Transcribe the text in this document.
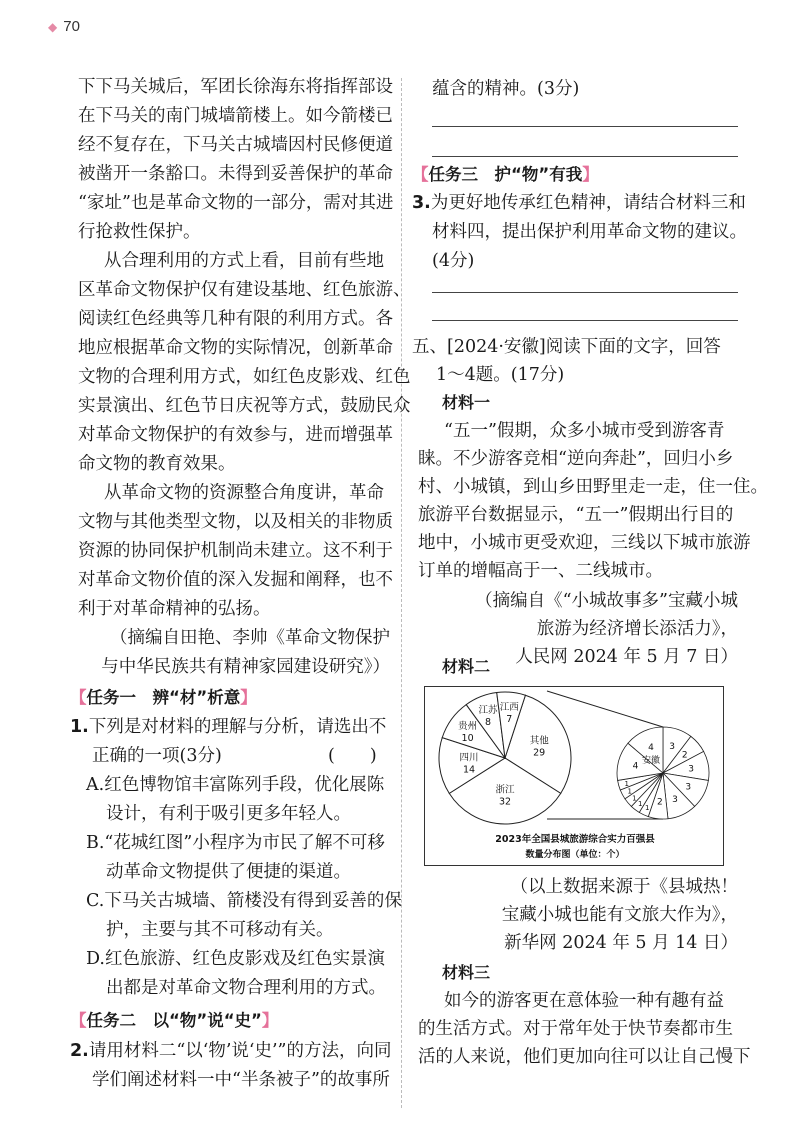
◆ 70
下下马关城后，军团长徐海东将指挥部设
在下马关的南门城墙箭楼上。如今箭楼已
经不复存在，下马关古城墙因村民修便道
被凿开一条豁口。未得到妥善保护的革命
“家址”也是革命文物的一部分，需对其进
行抢救性保护。
从合理利用的方式上看，目前有些地
区革命文物保护仅有建设基地、红色旅游、
阅读红色经典等几种有限的利用方式。各
地应根据革命文物的实际情况，创新革命
文物的合理利用方式，如红色皮影戏、红色
实景演出、红色节日庆祝等方式，鼓励民众
对革命文物保护的有效参与，进而增强革
命文物的教育效果。
从革命文物的资源整合角度讲，革命
文物与其他类型文物，以及相关的非物质
资源的协同保护机制尚未建立。这不利于
对革命文物价值的深入发掘和阐释，也不
利于对革命精神的弘扬。
（摘编自田艳、李帅《革命文物保护
与中华民族共有精神家园建设研究》）
【任务一　辨“材”析意】
1.下列是对材料的理解与分析，请选出不
正确的一项(3分)	(　　)
A.红色博物馆丰富陈列手段，优化展陈
设计，有利于吸引更多年轻人。
B.“花城红图”小程序为市民了解不可移
动革命文物提供了便捷的渠道。
C.下马关古城墙、箭楼没有得到妥善的保
护，主要与其不可移动有关。
D.红色旅游、红色皮影戏及红色实景演
出都是对革命文物合理利用的方式。
【任务二　以“物”说“史”】
2.请用材料二“以‘物’说‘史’”的方法，向同
学们阐述材料一中“半条被子”的故事所
蕴含的精神。(3分)
【任务三　护“物”有我】
3.为更好地传承红色精神，请结合材料三和
材料四，提出保护利用革命文物的建议。
(4分)
五、[2024·安徽]阅读下面的文字，回答
1～4题。(17分)
材料一
“五一”假期，众多小城市受到游客青
睐。不少游客竞相“逆向奔赴”，回归小乡
村、小城镇，到山乡田野里走一走，住一住。
旅游平台数据显示，“五一”假期出行目的
地中，小城市更受欢迎，三线以下城市旅游
订单的增幅高于一、二线城市。
（摘编自《“小城故事多”宝藏小城
旅游为经济增长添活力》，
人民网 2024 年 5 月 7 日）
材料二
（以上数据来源于《县城热！
宝藏小城也能有文旅大作为》，
新华网 2024 年 5 月 14 日）
材料三
如今的游客更在意体验一种有趣有益
的生活方式。对于常年处于快节奏都市生
活的人来说，他们更加向往可以让自己慢下
其他
29
浙江
32
四川
14
贵州
10
江苏
8
江西
7
3
2
3
3
3
2
1
1
1
1
1
4
4
安徽
2023年全国县城旅游综合实力百强县
数量分布图（单位：个）
